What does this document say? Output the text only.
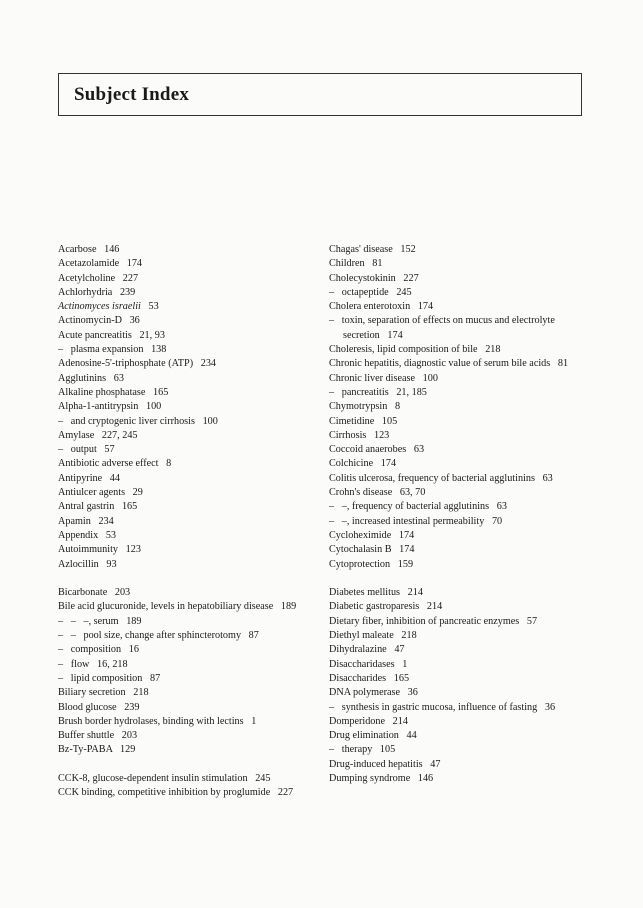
Subject Index
Acarbose   146
Acetazolamide   174
Acetylcholine   227
Achlorhydria   239
Actinomyces israelii   53
Actinomycin-D   36
Acute pancreatitis   21, 93
–   plasma expansion   138
Adenosine-5'-triphosphate (ATP)   234
Agglutinins   63
Alkaline phosphatase   165
Alpha-1-antitrypsin   100
–   and cryptogenic liver cirrhosis   100
Amylase   227, 245
–   output   57
Antibiotic adverse effect   8
Antipyrine   44
Antiulcer agents   29
Antral gastrin   165
Apamin   234
Appendix   53
Autoimmunity   123
Azlocillin   93
Bicarbonate   203
Bile acid glucuronide, levels in hepatobiliary disease   189
–   –   –, serum   189
–   –   pool size, change after sphincterotomy   87
–   composition   16
–   flow   16, 218
–   lipid composition   87
Biliary secretion   218
Blood glucose   239
Brush border hydrolases, binding with lectins   1
Buffer shuttle   203
Bz-Ty-PABA   129
CCK-8, glucose-dependent insulin stimulation   245
CCK binding, competitive inhibition by proglumide   227
Chagas' disease   152
Children   81
Cholecystokinin   227
–   octapeptide   245
Cholera enterotoxin   174
–   toxin, separation of effects on mucus and electrolyte secretion   174
Choleresis, lipid composition of bile   218
Chronic hepatitis, diagnostic value of serum bile acids   81
Chronic liver disease   100
–   pancreatitis   21, 185
Chymotrypsin   8
Cimetidine   105
Cirrhosis   123
Coccoid anaerobes   63
Colchicine   174
Colitis ulcerosa, frequency of bacterial agglutinins   63
Crohn's disease   63, 70
–   –, frequency of bacterial agglutinins   63
–   –, increased intestinal permeability   70
Cycloheximide   174
Cytochalasin B   174
Cytoprotection   159
Diabetes mellitus   214
Diabetic gastroparesis   214
Dietary fiber, inhibition of pancreatic enzymes   57
Diethyl maleate   218
Dihydralazine   47
Disaccharidases   1
Disaccharides   165
DNA polymerase   36
–   synthesis in gastric mucosa, influence of fasting   36
Domperidone   214
Drug elimination   44
–   therapy   105
Drug-induced hepatitis   47
Dumping syndrome   146
